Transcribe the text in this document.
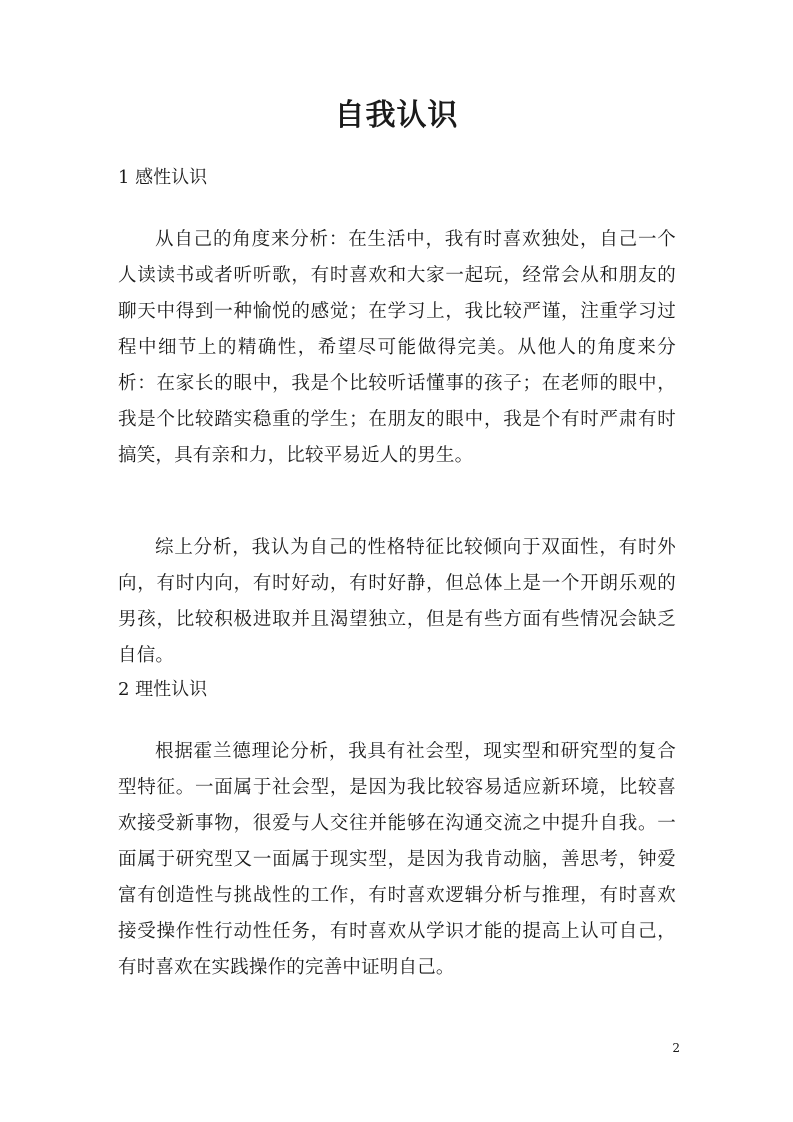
自我认识
1 感性认识

从自己的角度来分析：在生活中，我有时喜欢独处，自己一个人读读书或者听听歌，有时喜欢和大家一起玩，经常会从和朋友的聊天中得到一种愉悦的感觉；在学习上，我比较严谨，注重学习过程中细节上的精确性，希望尽可能做得完美。从他人的角度来分析：在家长的眼中，我是个比较听话懂事的孩子；在老师的眼中，我是个比较踏实稳重的学生；在朋友的眼中，我是个有时严肃有时搞笑，具有亲和力，比较平易近人的男生。

综上分析，我认为自己的性格特征比较倾向于双面性，有时外向，有时内向，有时好动，有时好静，但总体上是一个开朗乐观的男孩，比较积极进取并且渴望独立，但是有些方面有些情况会缺乏自信。

2 理性认识

根据霍兰德理论分析，我具有社会型，现实型和研究型的复合型特征。一面属于社会型，是因为我比较容易适应新环境，比较喜欢接受新事物，很爱与人交往并能够在沟通交流之中提升自我。一面属于研究型又一面属于现实型，是因为我肯动脑，善思考，钟爱富有创造性与挑战性的工作，有时喜欢逻辑分析与推理，有时喜欢接受操作性行动性任务，有时喜欢从学识才能的提高上认可自己，有时喜欢在实践操作的完善中证明自己。

2
